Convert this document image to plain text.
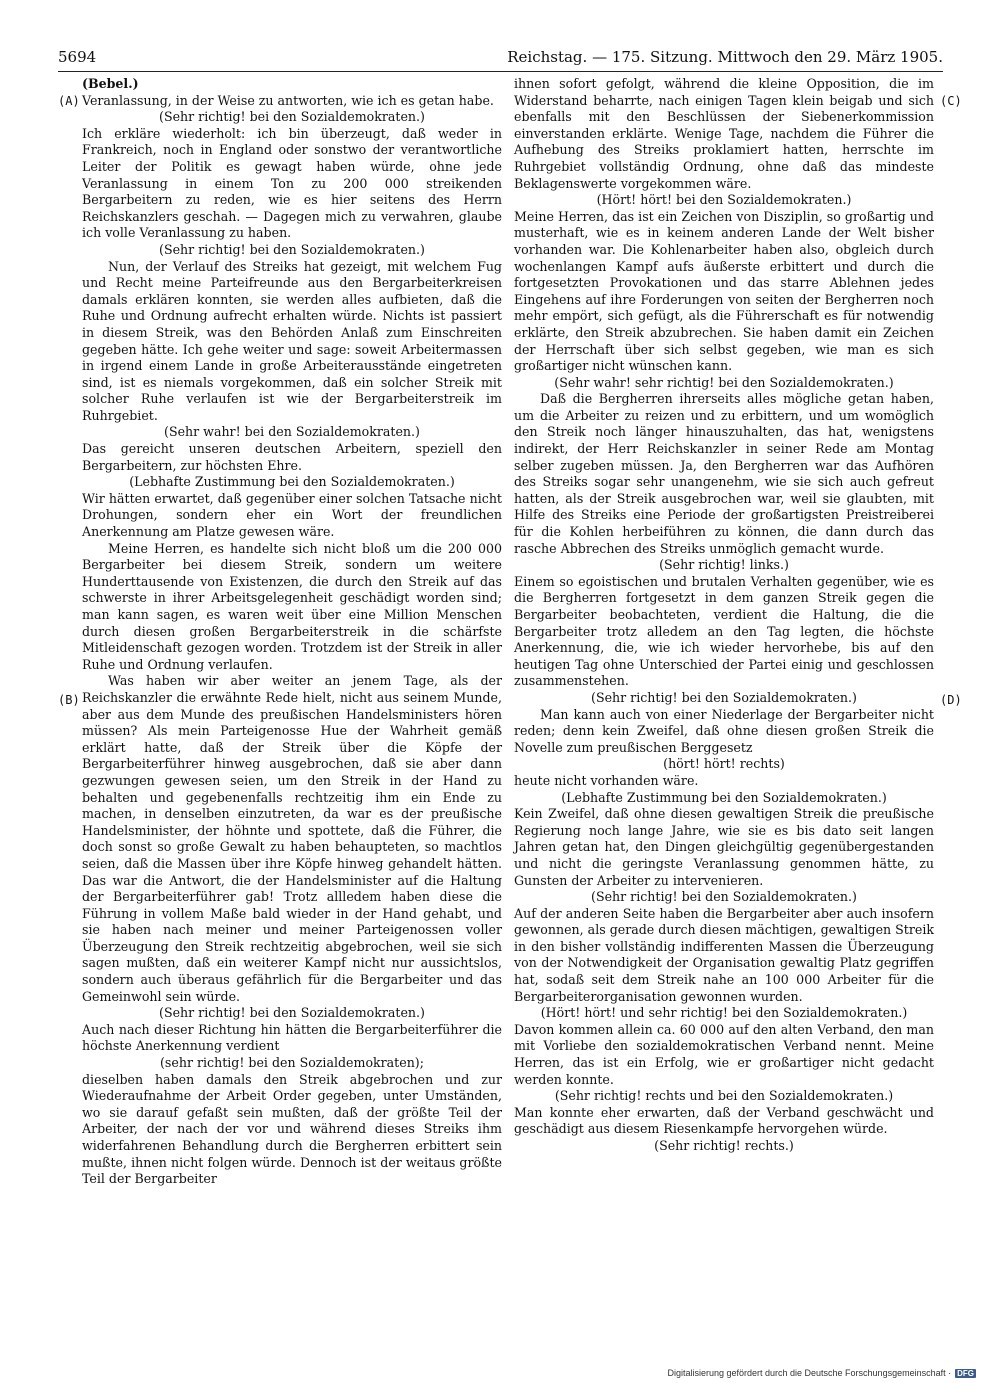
5694	Reichstag. — 175. Sitzung. Mittwoch den 29. März 1905.
(A)
(B)
(C)
(D)

(Bebel.)

Veranlassung, in der Weise zu antworten, wie ich es getan habe.

(Sehr richtig! bei den Sozialdemokraten.)

Ich erkläre wiederholt: ich bin überzeugt, daß weder in Frankreich, noch in England oder sonstwo der verantwortliche Leiter der Politik es gewagt haben würde, ohne jede Veranlassung in einem Ton zu 200 000 streikenden Bergarbeitern zu reden, wie es hier seitens des Herrn Reichskanzlers geschah. — Dagegen mich zu verwahren, glaube ich volle Veranlassung zu haben.

(Sehr richtig! bei den Sozialdemokraten.)

Nun, der Verlauf des Streiks hat gezeigt, mit welchem Fug und Recht meine Parteifreunde aus den Bergarbeiterkreisen damals erklären konnten, sie werden alles aufbieten, daß die Ruhe und Ordnung aufrecht erhalten würde. Nichts ist passiert in diesem Streik, was den Behörden Anlaß zum Einschreiten gegeben hätte. Ich gehe weiter und sage: soweit Arbeitermassen in irgend einem Lande in große Arbeiterausstände eingetreten sind, ist es niemals vorgekommen, daß ein solcher Streik mit solcher Ruhe verlaufen ist wie der Bergarbeiterstreik im Ruhrgebiet.

(Sehr wahr! bei den Sozialdemokraten.)

Das gereicht unseren deutschen Arbeitern, speziell den Bergarbeitern, zur höchsten Ehre.

(Lebhafte Zustimmung bei den Sozialdemokraten.)

Wir hätten erwartet, daß gegenüber einer solchen Tatsache nicht Drohungen, sondern eher ein Wort der freundlichen Anerkennung am Platze gewesen wäre.

Meine Herren, es handelte sich nicht bloß um die 200 000 Bergarbeiter bei diesem Streik, sondern um weitere Hunderttausende von Existenzen, die durch den Streik auf das schwerste in ihrer Arbeitsgelegenheit geschädigt worden sind; man kann sagen, es waren weit über eine Million Menschen durch diesen großen Bergarbeiterstreik in die schärfste Mitleidenschaft gezogen worden. Trotzdem ist der Streik in aller Ruhe und Ordnung verlaufen.

Was haben wir aber weiter an jenem Tage, als der Reichskanzler die erwähnte Rede hielt, nicht aus seinem Munde, aber aus dem Munde des preußischen Handelsministers hören müssen? Als mein Parteigenosse Hue der Wahrheit gemäß erklärt hatte, daß der Streik über die Köpfe der Bergarbeiterführer hinweg ausgebrochen, daß sie aber dann gezwungen gewesen seien, um den Streik in der Hand zu behalten und gegebenenfalls rechtzeitig ihm ein Ende zu machen, in denselben einzutreten, da war es der preußische Handelsminister, der höhnte und spottete, daß die Führer, die doch sonst so große Gewalt zu haben behaupteten, so machtlos seien, daß die Massen über ihre Köpfe hinweg gehandelt hätten. Das war die Antwort, die der Handelsminister auf die Haltung der Bergarbeiterführer gab! Trotz allledem haben diese die Führung in vollem Maße bald wieder in der Hand gehabt, und sie haben nach meiner und meiner Parteigenossen voller Überzeugung den Streik rechtzeitig abgebrochen, weil sie sich sagen mußten, daß ein weiterer Kampf nicht nur aussichtslos, sondern auch überaus gefährlich für die Bergarbeiter und das Gemeinwohl sein würde.

(Sehr richtig! bei den Sozialdemokraten.)

Auch nach dieser Richtung hin hätten die Bergarbeiterführer die höchste Anerkennung verdient

(sehr richtig! bei den Sozialdemokraten);

dieselben haben damals den Streik abgebrochen und zur Wiederaufnahme der Arbeit Order gegeben, unter Umständen, wo sie darauf gefaßt sein mußten, daß der größte Teil der Arbeiter, der nach der vor und während dieses Streiks ihm widerfahrenen Behandlung durch die Bergherren erbittert sein mußte, ihnen nicht folgen würde. Dennoch ist der weitaus größte Teil der Bergarbeiter

ihnen sofort gefolgt, während die kleine Opposition, die im Widerstand beharrte, nach einigen Tagen klein beigab und sich ebenfalls mit den Beschlüssen der Siebenerkommission einverstanden erklärte. Wenige Tage, nachdem die Führer die Aufhebung des Streiks proklamiert hatten, herrschte im Ruhrgebiet vollständig Ordnung, ohne daß das mindeste Beklagenswerte vorgekommen wäre.

(Hört! hört! bei den Sozialdemokraten.)

Meine Herren, das ist ein Zeichen von Disziplin, so großartig und musterhaft, wie es in keinem anderen Lande der Welt bisher vorhanden war. Die Kohlenarbeiter haben also, obgleich durch wochenlangen Kampf aufs äußerste erbittert und durch die fortgesetzten Provokationen und das starre Ablehnen jedes Eingehens auf ihre Forderungen von seiten der Bergherren noch mehr empört, sich gefügt, als die Führerschaft es für notwendig erklärte, den Streik abzubrechen. Sie haben damit ein Zeichen der Herrschaft über sich selbst gegeben, wie man es sich großartiger nicht wünschen kann.

(Sehr wahr! sehr richtig! bei den Sozialdemokraten.)

Daß die Bergherren ihrerseits alles mögliche getan haben, um die Arbeiter zu reizen und zu erbittern, und um womöglich den Streik noch länger hinauszuhalten, das hat, wenigstens indirekt, der Herr Reichskanzler in seiner Rede am Montag selber zugeben müssen. Ja, den Bergherren war das Aufhören des Streiks sogar sehr unangenehm, wie sie sich auch gefreut hatten, als der Streik ausgebrochen war, weil sie glaubten, mit Hilfe des Streiks eine Periode der großartigsten Preistreiberei für die Kohlen herbeiführen zu können, die dann durch das rasche Abbrechen des Streiks unmöglich gemacht wurde.

(Sehr richtig! links.)

Einem so egoistischen und brutalen Verhalten gegenüber, wie es die Bergherren fortgesetzt in dem ganzen Streik gegen die Bergarbeiter beobachteten, verdient die Haltung, die die Bergarbeiter trotz alledem an den Tag legten, die höchste Anerkennung, die, wie ich wieder hervorhebe, bis auf den heutigen Tag ohne Unterschied der Partei einig und geschlossen zusammenstehen.

(Sehr richtig! bei den Sozialdemokraten.)

Man kann auch von einer Niederlage der Bergarbeiter nicht reden; denn kein Zweifel, daß ohne diesen großen Streik die Novelle zum preußischen Berggesetz

(hört! hört! rechts)

heute nicht vorhanden wäre.

(Lebhafte Zustimmung bei den Sozialdemokraten.)

Kein Zweifel, daß ohne diesen gewaltigen Streik die preußische Regierung noch lange Jahre, wie sie es bis dato seit langen Jahren getan hat, den Dingen gleichgültig gegenübergestanden und nicht die geringste Veranlassung genommen hätte, zu Gunsten der Arbeiter zu intervenieren.

(Sehr richtig! bei den Sozialdemokraten.)

Auf der anderen Seite haben die Bergarbeiter aber auch insofern gewonnen, als gerade durch diesen mächtigen, gewaltigen Streik in den bisher vollständig indifferenten Massen die Überzeugung von der Notwendigkeit der Organisation gewaltig Platz gegriffen hat, sodaß seit dem Streik nahe an 100 000 Arbeiter für die Bergarbeiterorganisation gewonnen wurden.

(Hört! hört! und sehr richtig! bei den Sozialdemokraten.)

Davon kommen allein ca. 60 000 auf den alten Verband, den man mit Vorliebe den sozialdemokratischen Verband nennt. Meine Herren, das ist ein Erfolg, wie er großartiger nicht gedacht werden konnte.

(Sehr richtig! rechts und bei den Sozialdemokraten.)

Man konnte eher erwarten, daß der Verband geschwächt und geschädigt aus diesem Riesenkampfe hervorgehen würde.

(Sehr richtig! rechts.)

Digitalisierung gefördert durch die Deutsche Forschungsgemeinschaft · DFG
